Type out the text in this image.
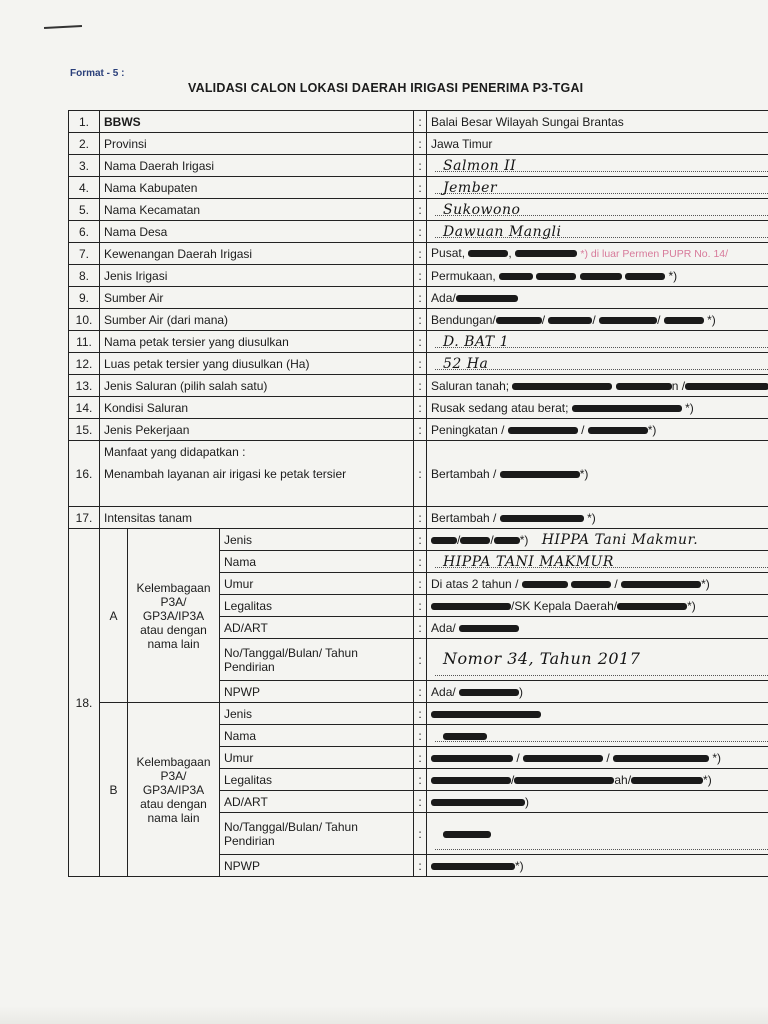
Format - 5 :
VALIDASI CALON LOKASI DAERAH IRIGASI PENERIMA P3-TGAI
1.	BBWS			:	Balai Besar Wilayah Sungai Brantas
2.	Provinsi			:	Jawa Timur
3.	Nama Daerah Irigasi			:	Salmon II
4.	Nama Kabupaten			:	Jember
5.	Nama Kecamatan			:	Sukowono
6.	Nama Desa			:	Dawuan Mangli
7.	Kewenangan Daerah Irigasi			:	Pusat, , *) di luar Permen PUPR No. 14/
8.	Jenis Irigasi			:	Permukaan, *)
9.	Sumber Air			:	Ada/
10.	Sumber Air (dari mana)			:	Bendungan/ / / / *)
11.	Nama petak tersier yang diusulkan			:	D. BAT 1
12.	Luas petak tersier yang diusulkan (Ha)			:	52 Ha
13.	Jenis Saluran (pilih salah satu)			:	Saluran tanah; n /
14.	Kondisi Saluran			:	Rusak sedang atau berat; *)
15.	Jenis Pekerjaan			:	Peningkatan / / *)
16.	Manfaat yang didapatkan :
Menambah layanan air irigasi ke petak tersier			:	Bertambah / *)
17.	Intensitas tanam			:	Bertambah / *)
18.	A	Kelembagaan P3A/ GP3A/IP3A atau dengan nama lain	Jenis	:	/ / *) HIPPA Tani Makmur.
			Nama	:	HIPPA TANI MAKMUR
			Umur	:	Di atas 2 tahun / / *)
			Legalitas	:	/SK Kepala Daerah/ *)
			AD/ART	:	Ada/
			No/Tanggal/Bulan/ Tahun Pendirian	:	Nomor 34, Tahun 2017
			NPWP	:	Ada/ )
	B	Kelembagaan P3A/ GP3A/IP3A atau dengan nama lain	Jenis	:	
			Nama	:	

			Umur	:	/ / *)
			Legalitas	:	/ ah/ *)
			AD/ART	:	)
			No/Tanggal/Bulan/ Tahun Pendirian	:	

			NPWP	:	*)
